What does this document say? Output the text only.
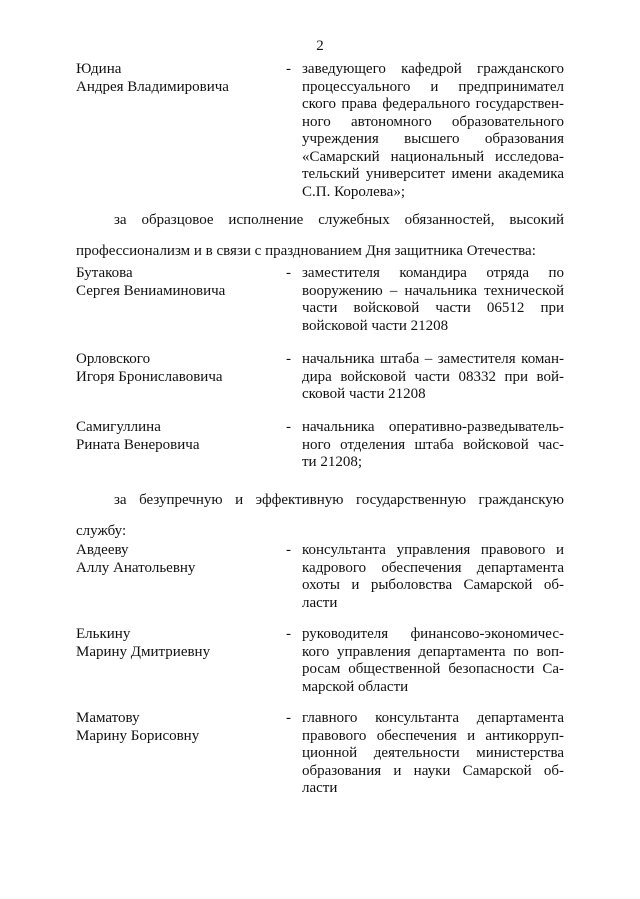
2
Юдина
Андрея Владимировича
- заведующего кафедрой гражданского
процессуального и предпринимател
ского права федерального государствен-
ного автономного образовательного
учреждения высшего образования
«Самарский национальный исследова-
тельский университет имени академика
С.П. Королева»;
за образцовое исполнение служебных обязанностей, высокий
профессионализм и в связи с празднованием Дня защитника Отечества:
Бутакова
Сергея Вениаминовича
- заместителя командира отряда по
вооружению – начальника технической
части войсковой части 06512 при
войсковой части 21208
Орловского
Игоря Брониславовича
- начальника штаба – заместителя коман-
дира войсковой части 08332 при вой-
сковой части 21208
Самигуллина
Рината Венеровича
- начальника оперативно-разведыватель-
ного отделения штаба войсковой час-
ти 21208;
за безупречную и эффективную государственную гражданскую
службу:
Авдееву
Аллу Анатольевну
- консультанта управления правового и
кадрового обеспечения департамента
охоты и рыболовства Самарской об-
ласти
Елькину
Марину Дмитриевну
- руководителя финансово-экономичес-
кого управления департамента по воп-
росам общественной безопасности Са-
марской области
Маматову
Марину Борисовну
- главного консультанта департамента
правового обеспечения и антикорруп-
ционной деятельности министерства
образования и науки Самарской об-
ласти
